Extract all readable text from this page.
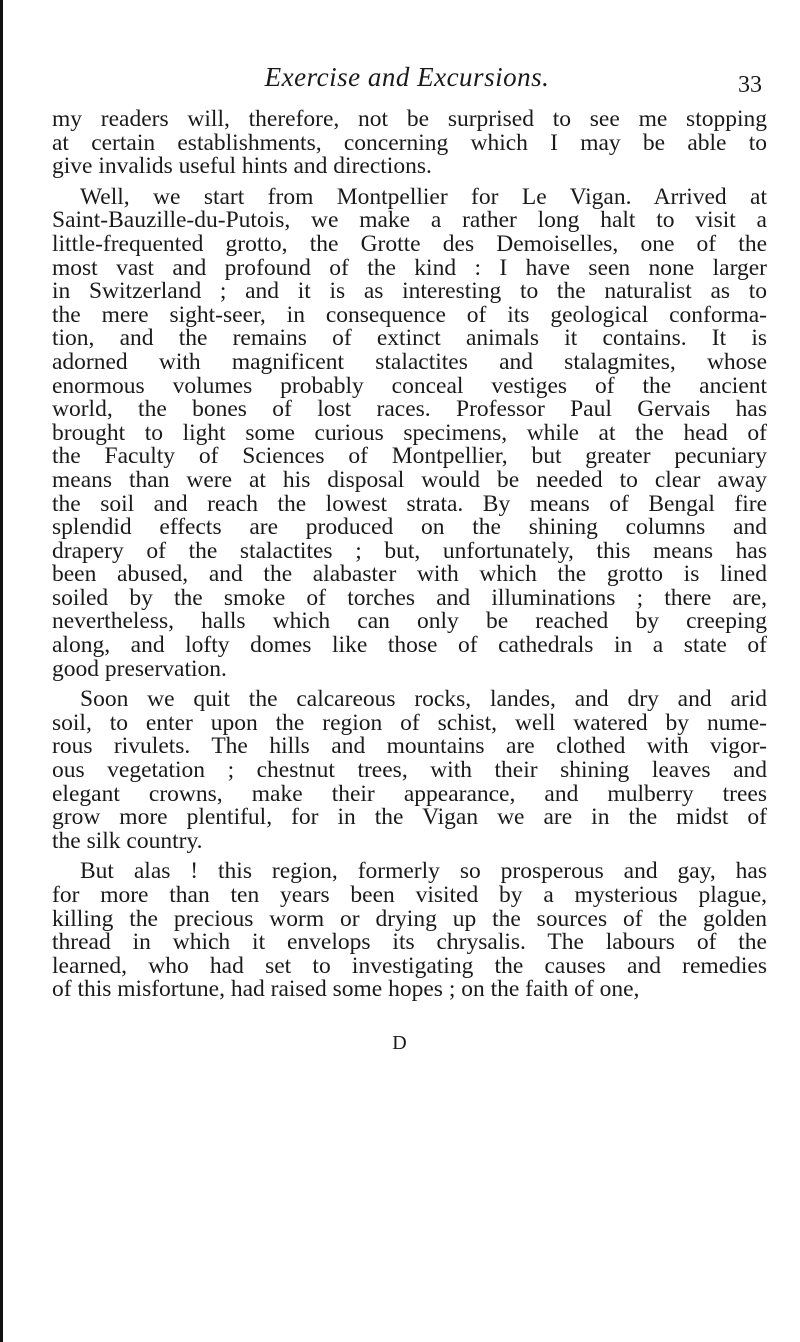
Exercise and Excursions.	33
my readers will, therefore, not be surprised to see me stopping
at certain establishments, concerning which I may be able to
give invalids useful hints and directions.
Well, we start from Montpellier for Le Vigan. Arrived at
Saint-Bauzille-du-Putois, we make a rather long halt to visit a
little-frequented grotto, the Grotte des Demoiselles, one of the
most vast and profound of the kind : I have seen none larger
in Switzerland ; and it is as interesting to the naturalist as to
the mere sight-seer, in consequence of its geological conforma-
tion, and the remains of extinct animals it contains. It is
adorned with magnificent stalactites and stalagmites, whose
enormous volumes probably conceal vestiges of the ancient
world, the bones of lost races. Professor Paul Gervais has
brought to light some curious specimens, while at the head of
the Faculty of Sciences of Montpellier, but greater pecuniary
means than were at his disposal would be needed to clear away
the soil and reach the lowest strata. By means of Bengal fire
splendid effects are produced on the shining columns and
drapery of the stalactites ; but, unfortunately, this means has
been abused, and the alabaster with which the grotto is lined
soiled by the smoke of torches and illuminations ; there are,
nevertheless, halls which can only be reached by creeping
along, and lofty domes like those of cathedrals in a state of
good preservation.
Soon we quit the calcareous rocks, landes, and dry and arid
soil, to enter upon the region of schist, well watered by nume-
rous rivulets. The hills and mountains are clothed with vigor-
ous vegetation ; chestnut trees, with their shining leaves and
elegant crowns, make their appearance, and mulberry trees
grow more plentiful, for in the Vigan we are in the midst of
the silk country.
But alas ! this region, formerly so prosperous and gay, has
for more than ten years been visited by a mysterious plague,
killing the precious worm or drying up the sources of the golden
thread in which it envelops its chrysalis. The labours of the
learned, who had set to investigating the causes and remedies
of this misfortune, had raised some hopes ; on the faith of one,
D
